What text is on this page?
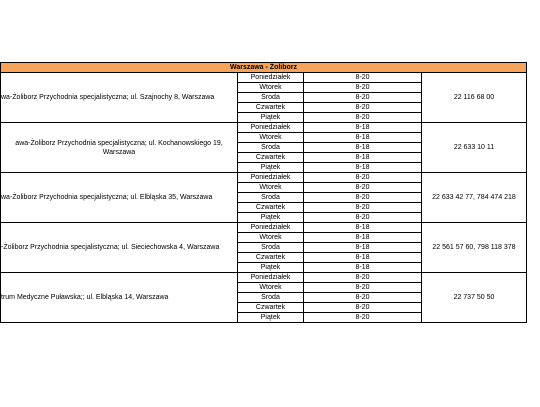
Warszawa - Żoliborz			
wa-Żoliborz Przychodnia specjalistyczna; ul. Szajnochy 8, Warszawa	Poniedziałek	8-20	22 116 68 00
	Wtorek	8-20	
	Środa	8-20	
	Czwartek	8-20	
	Piątek	8-20	
awa-Żoliborz Przychodnia specjalistyczna; ul. Kochanowskiego 19, Warszawa	Poniedziałek	8-18	22 633 10 11
	Wtorek	8-18	
	Środa	8-18	
	Czwartek	8-18	
	Piątek	8-18	
wa-Żoliborz Przychodnia specjalistyczna; ul. Elbląska 35, Warszawa	Poniedziałek	8-20	22 633 42 77, 784 474 218
	Wtorek	8-20	
	Środa	8-20	
	Czwartek	8-20	
	Piątek	8-20	
-Żoliborz Przychodnia specjalistyczna; ul. Sieciechowska 4, Warszawa	Poniedziałek	8-18	22 561 57 60, 798 118 378
	Wtorek	8-18	
	Środa	8-18	
	Czwartek	8-18	
	Piątek	8-18	
trum Medyczne Puławska;; ul. Elbląska 14, Warszawa	Poniedziałek	8-20	22 737 50 50
	Wtorek	8-20	
	Środa	8-20	
	Czwartek	8-20	
	Piątek	8-20	
